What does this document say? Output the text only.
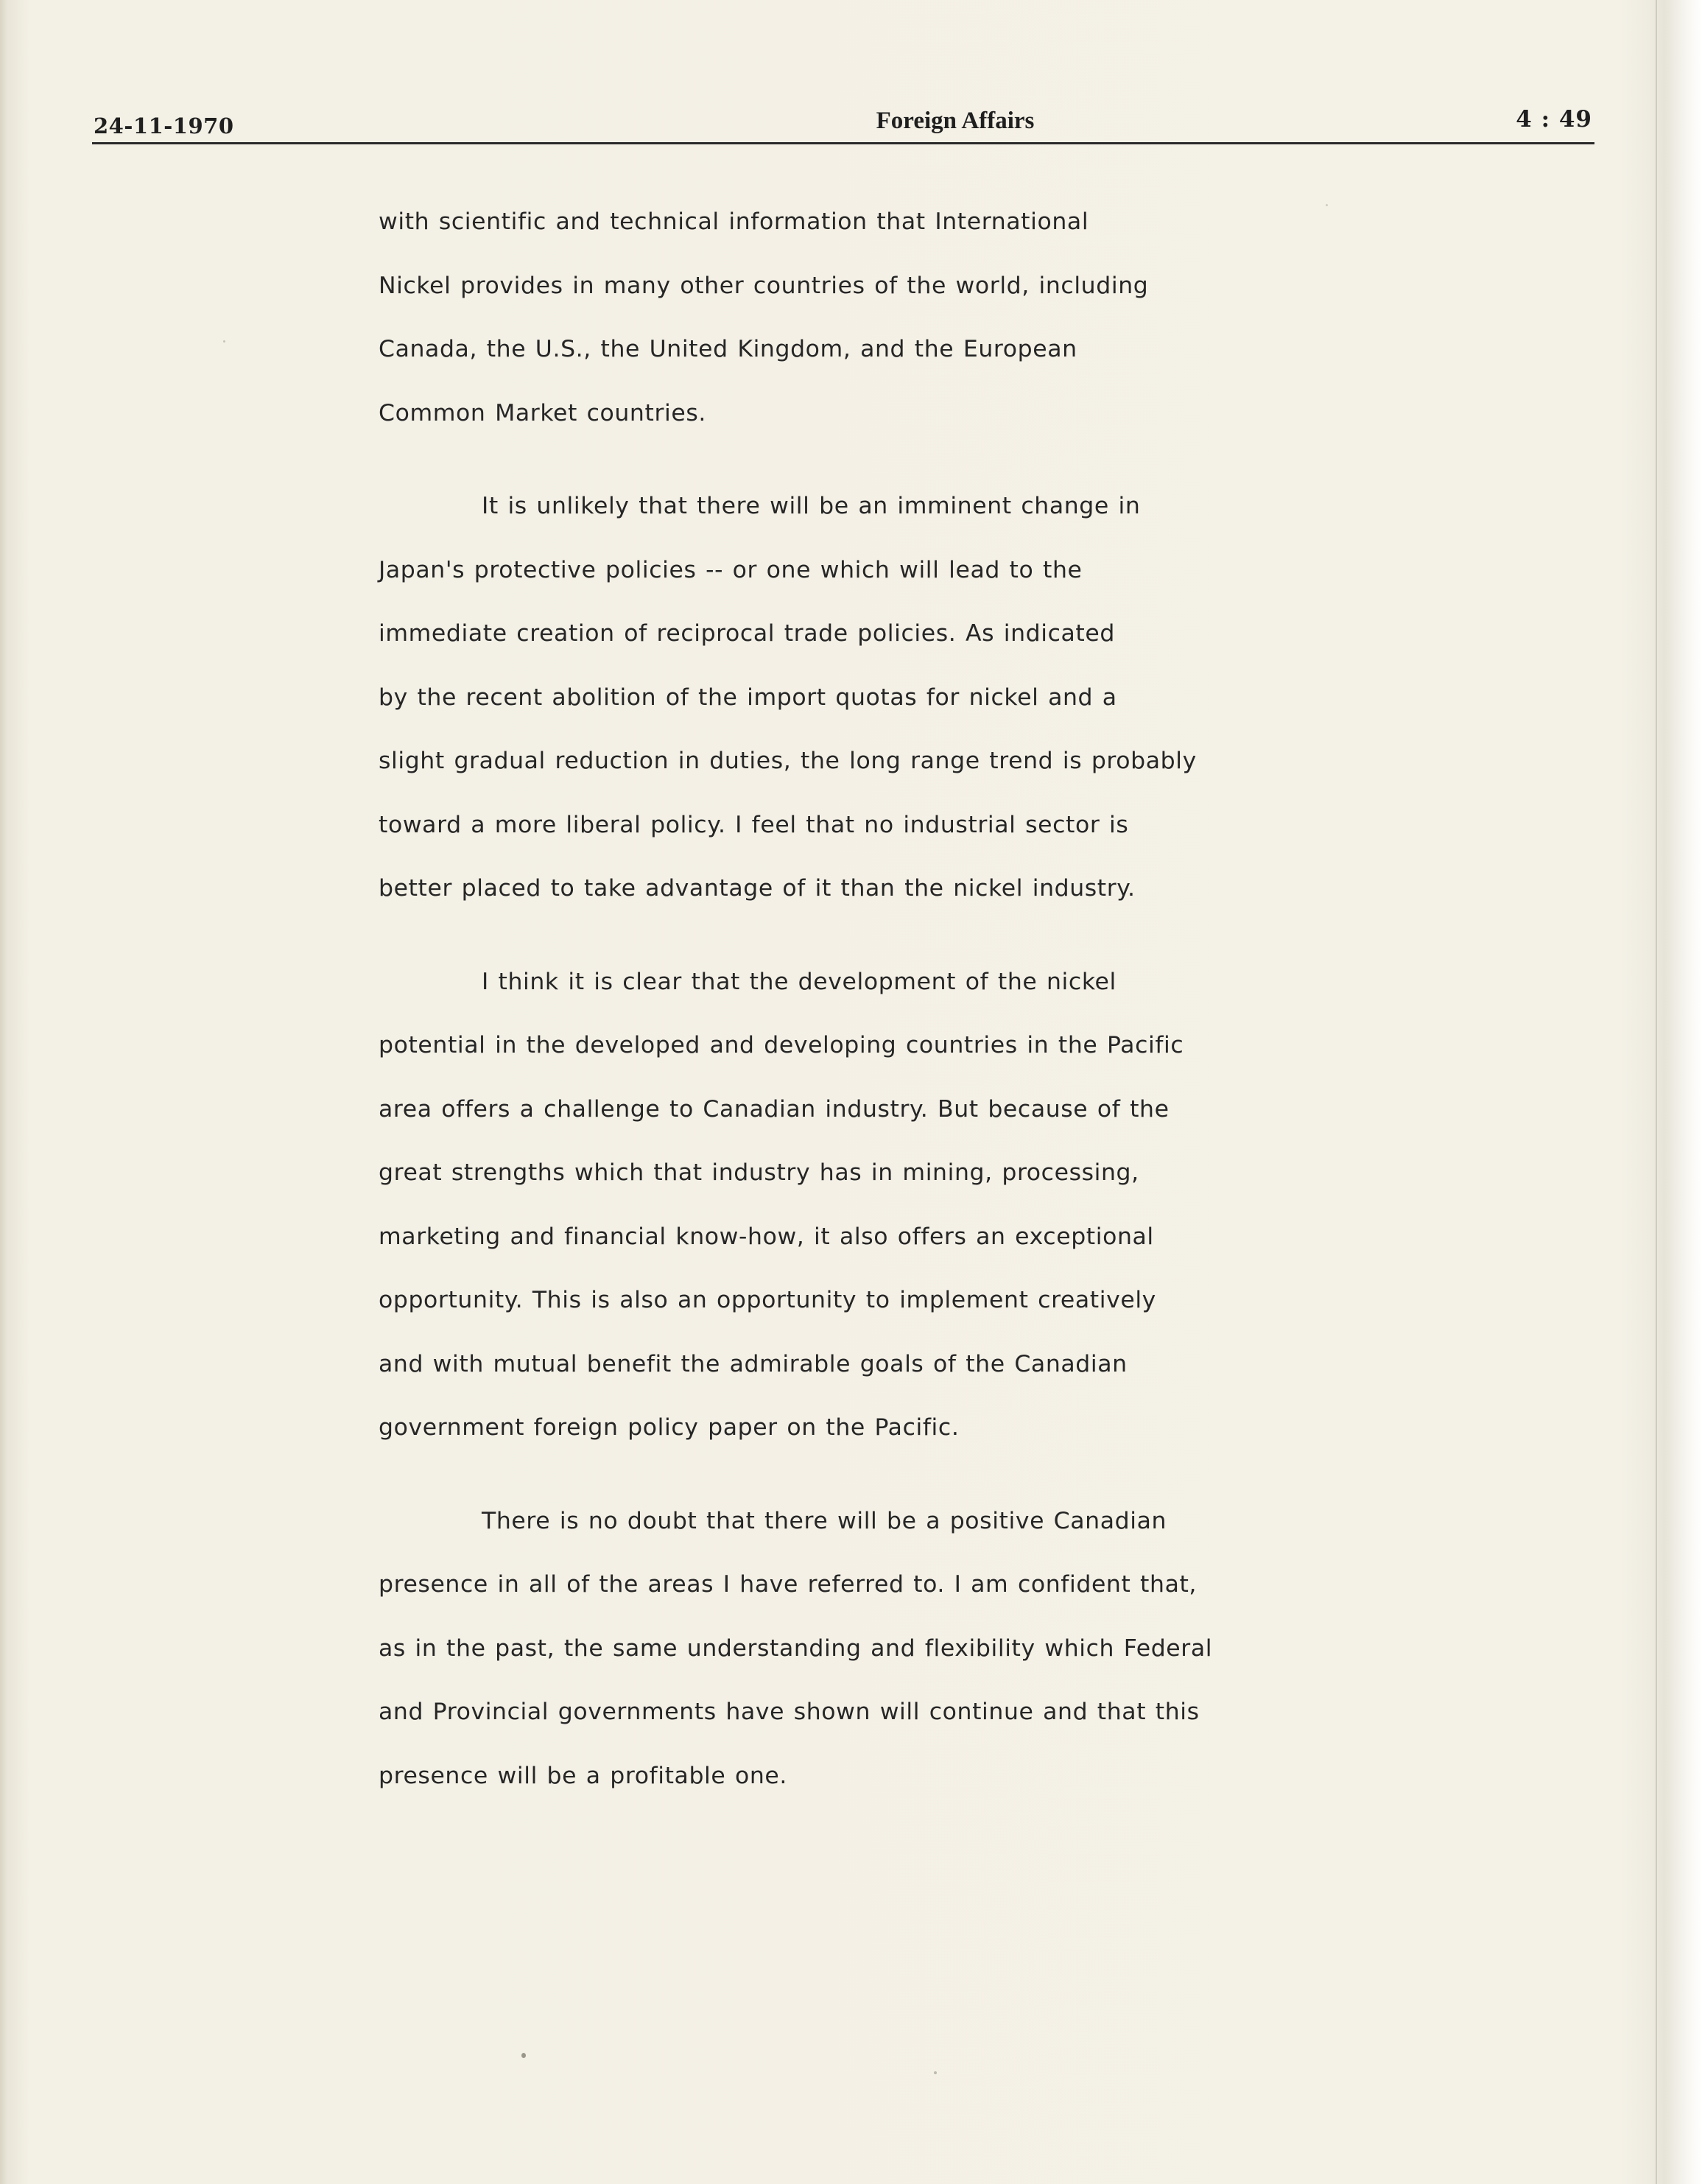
24-11-1970	Foreign Affairs	4 : 49
with scientific and technical information that International
Nickel provides in many other countries of the world, including
Canada, the U.S., the United Kingdom, and the European
Common Market countries.
It is unlikely that there will be an imminent change in
Japan's protective policies -- or one which will lead to the
immediate creation of reciprocal trade policies. As indicated
by the recent abolition of the import quotas for nickel and a
slight gradual reduction in duties, the long range trend is probably
toward a more liberal policy. I feel that no industrial sector is
better placed to take advantage of it than the nickel industry.
I think it is clear that the development of the nickel
potential in the developed and developing countries in the Pacific
area offers a challenge to Canadian industry. But because of the
great strengths which that industry has in mining, processing,
marketing and financial know-how, it also offers an exceptional
opportunity. This is also an opportunity to implement creatively
and with mutual benefit the admirable goals of the Canadian
government foreign policy paper on the Pacific.
There is no doubt that there will be a positive Canadian
presence in all of the areas I have referred to. I am confident that,
as in the past, the same understanding and flexibility which Federal
and Provincial governments have shown will continue and that this
presence will be a profitable one.
